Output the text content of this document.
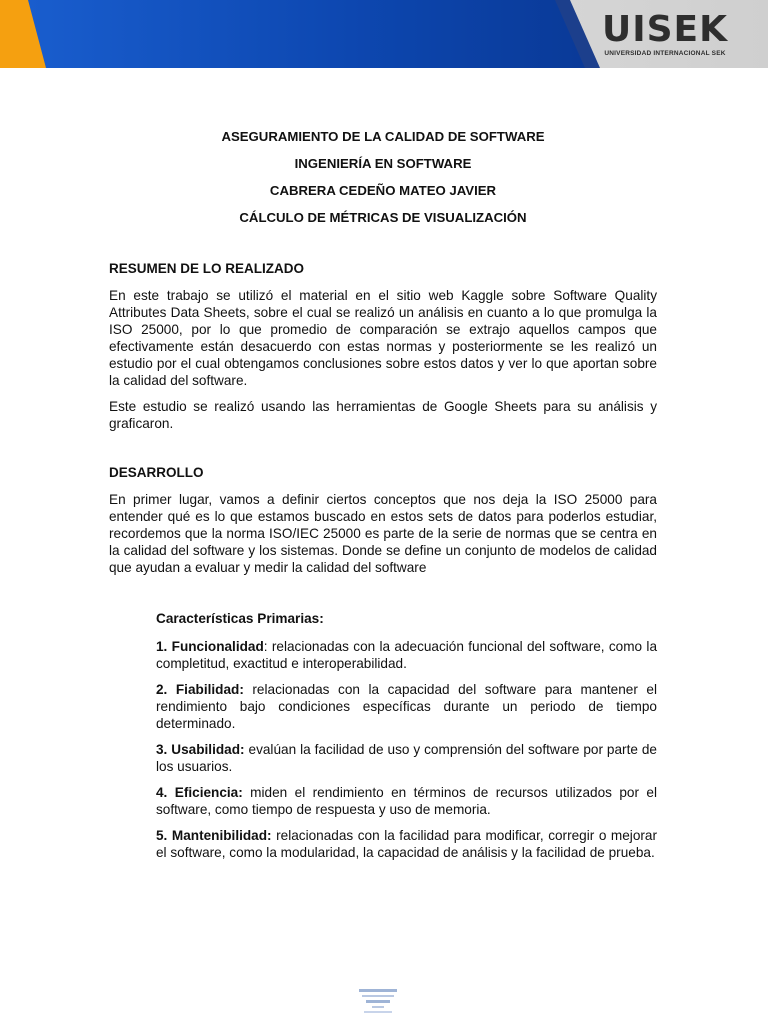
UISEK
UNIVERSIDAD INTERNACIONAL SEK
ASEGURAMIENTO DE LA CALIDAD DE SOFTWARE
INGENIERÍA EN SOFTWARE
CABRERA CEDEÑO MATEO JAVIER
CÁLCULO DE MÉTRICAS DE VISUALIZACIÓN
RESUMEN DE LO REALIZADO

En este trabajo se utilizó el material en el sitio web Kaggle sobre Software Quality Attributes Data Sheets, sobre el cual se realizó un análisis en cuanto a lo que promulga la ISO 25000, por lo que promedio de comparación se extrajo aquellos campos que efectivamente están desacuerdo con estas normas y posteriormente se les realizó un estudio por el cual obtengamos conclusiones sobre estos datos y ver lo que aportan sobre la calidad del software.

Este estudio se realizó usando las herramientas de Google Sheets para su análisis y graficaron.

DESARROLLO

En primer lugar, vamos a definir ciertos conceptos que nos deja la ISO 25000 para entender qué es lo que estamos buscado en estos sets de datos para poderlos estudiar, recordemos que la norma ISO/IEC 25000 es parte de la serie de normas que se centra en la calidad del software y los sistemas. Donde se define un conjunto de modelos de calidad que ayudan a evaluar y medir la calidad del software

Características Primarias:

1. Funcionalidad: relacionadas con la adecuación funcional del software, como la completitud, exactitud e interoperabilidad.

2. Fiabilidad: relacionadas con la capacidad del software para mantener el rendimiento bajo condiciones específicas durante un periodo de tiempo determinado.

3. Usabilidad: evalúan la facilidad de uso y comprensión del software por parte de los usuarios.

4. Eficiencia: miden el rendimiento en términos de recursos utilizados por el software, como tiempo de respuesta y uso de memoria.

5. Mantenibilidad: relacionadas con la facilidad para modificar, corregir o mejorar el software, como la modularidad, la capacidad de análisis y la facilidad de prueba.
